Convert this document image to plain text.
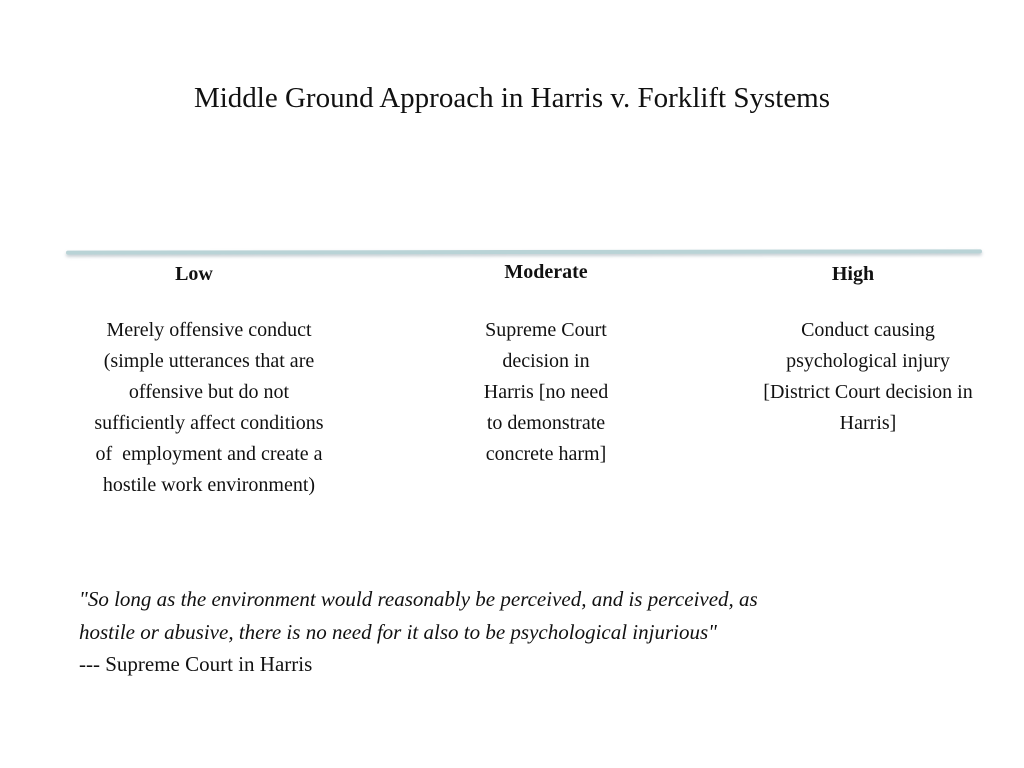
Middle Ground Approach in Harris v. Forklift Systems

Low

Merely offensive conduct
(simple utterances that are
offensive but do not
sufficiently affect conditions
of  employment and create a
hostile work environment)

Moderate

Supreme Court
decision in
Harris [no need
to demonstrate
concrete harm]

High

Conduct causing
psychological injury
[District Court decision in
Harris]
"So long as the environment would reasonably be perceived, and is perceived, as
hostile or abusive, there is no need for it also to be psychological injurious"

--- Supreme Court in Harris
